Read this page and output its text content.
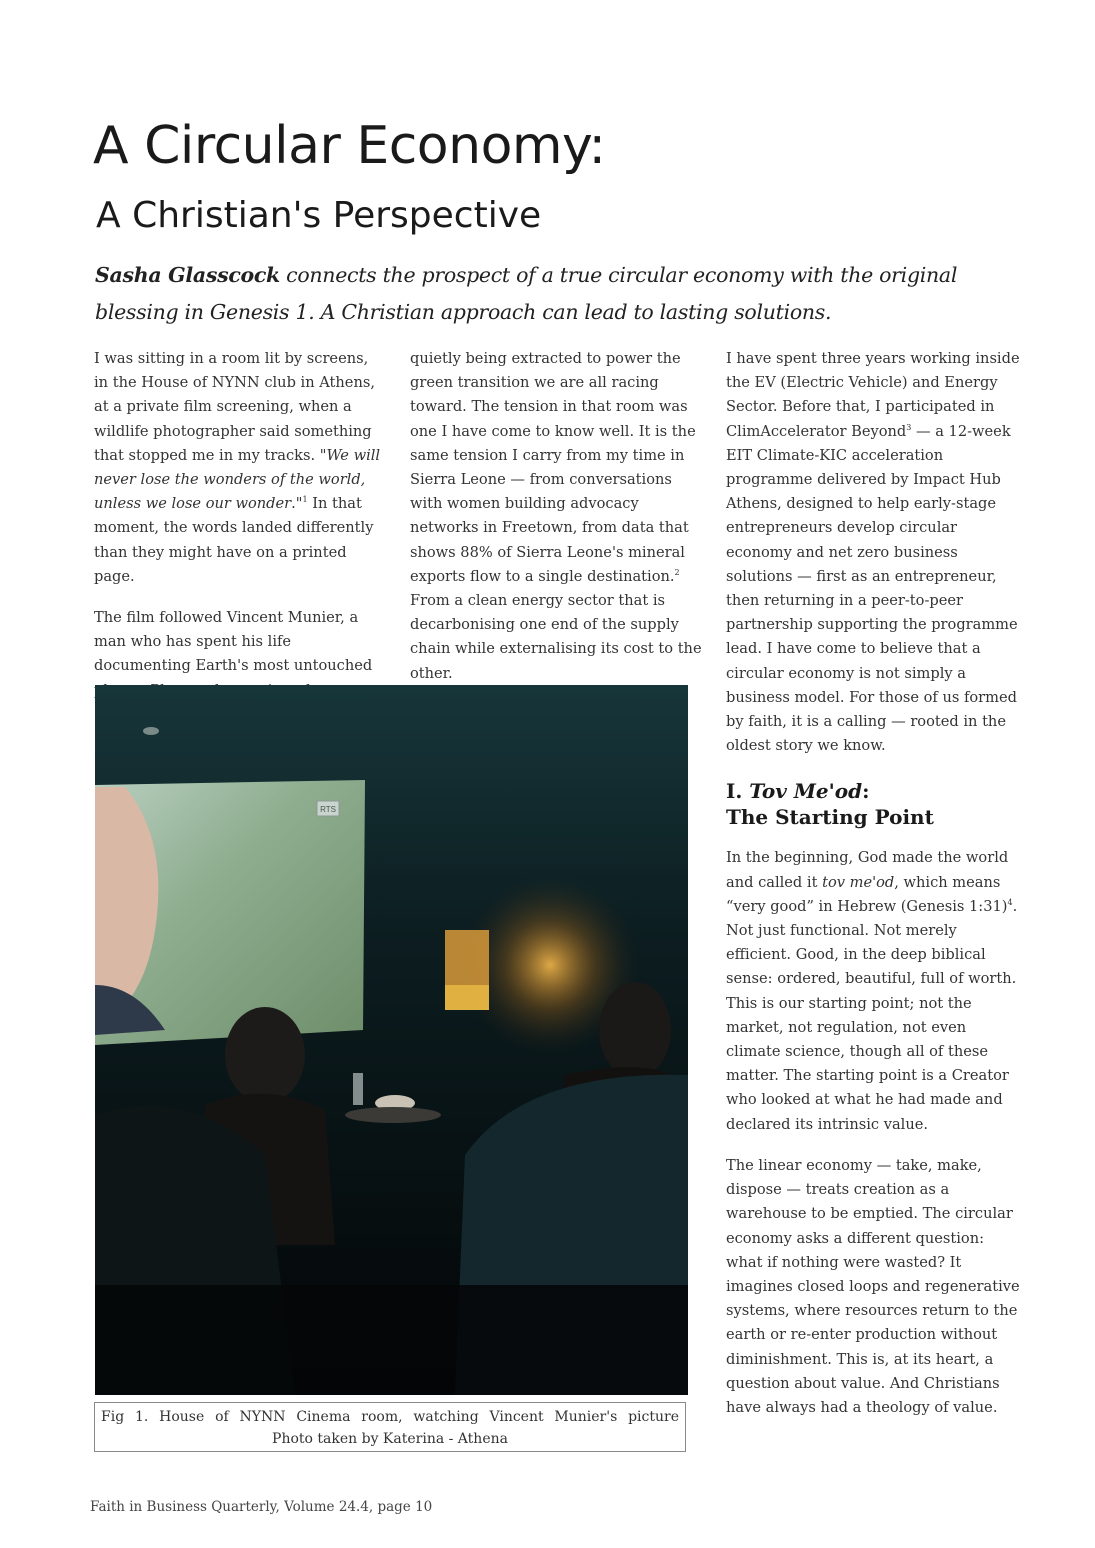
A Circular Economy:
A Christian's Perspective

Sasha Glasscock connects the prospect of a true circular economy with the original blessing in Genesis 1. A Christian approach can lead to lasting solutions.

I was sitting in a room lit by screens, in the House of NYNN club in Athens, at a private film screening, when a wildlife photographer said something that stopped me in my tracks. "We will never lose the wonders of the world, unless we lose our wonder."$^1$ In that moment, the words landed differently than they might have on a printed page.

The film followed Vincent Munier, a man who has spent his life documenting Earth's most untouched

quietly being extracted to power the green transition we are all racing toward. The tension in that room was one I have come to know well. It is the same tension I carry from my time in Sierra Leone — from conversations with women building advocacy networks in Freetown, from data that shows 88% of Sierra Leone's mineral exports flow to a single destination.$^2$ From a clean energy sector that is decarbonising one end of the supply chain while externalising its cost to the other.

I have spent three years working inside the EV (Electric Vehicle) and Energy Sector. Before that, I participated in ClimAccelerator Beyond$^3$ — a 12-week EIT Climate-KIC acceleration programme delivered by Impact Hub Athens, designed to help early-stage entrepreneurs develop circular economy and net zero business solutions — first as an entrepreneur, then returning in a peer-to-peer partnership supporting the programme lead. I have come to believe that a circular economy is not simply a business model. For those of us formed by faith, it is a calling — rooted in the oldest story we know.

I. Tov Me'od:
The Starting Point

In the beginning, God made the world and called it tov me'od, which means “very good” in Hebrew (Genesis 1:31)$^4$. Not just functional. Not merely efficient. Good, in the deep biblical sense: ordered, beautiful, full of worth. This is our starting point; not the market, not regulation, not even climate science, though all of these matter. The starting point is a Creator who looked at what he had made and declared its intrinsic value.

The linear economy — take, make, dispose — treats creation as a warehouse to be emptied. The circular economy asks a different question: what if nothing were wasted? It imagines closed loops and regenerative systems, where resources return to the earth or re-enter production without diminishment. This is, at its heart, a question about value. And Christians have always had a theology of value.

RTS
Fig 1. House of NYNN Cinema room, watching Vincent Munier's picture
Photo taken by Katerina - Athena
Faith in Business Quarterly, Volume 24.4, page 10
